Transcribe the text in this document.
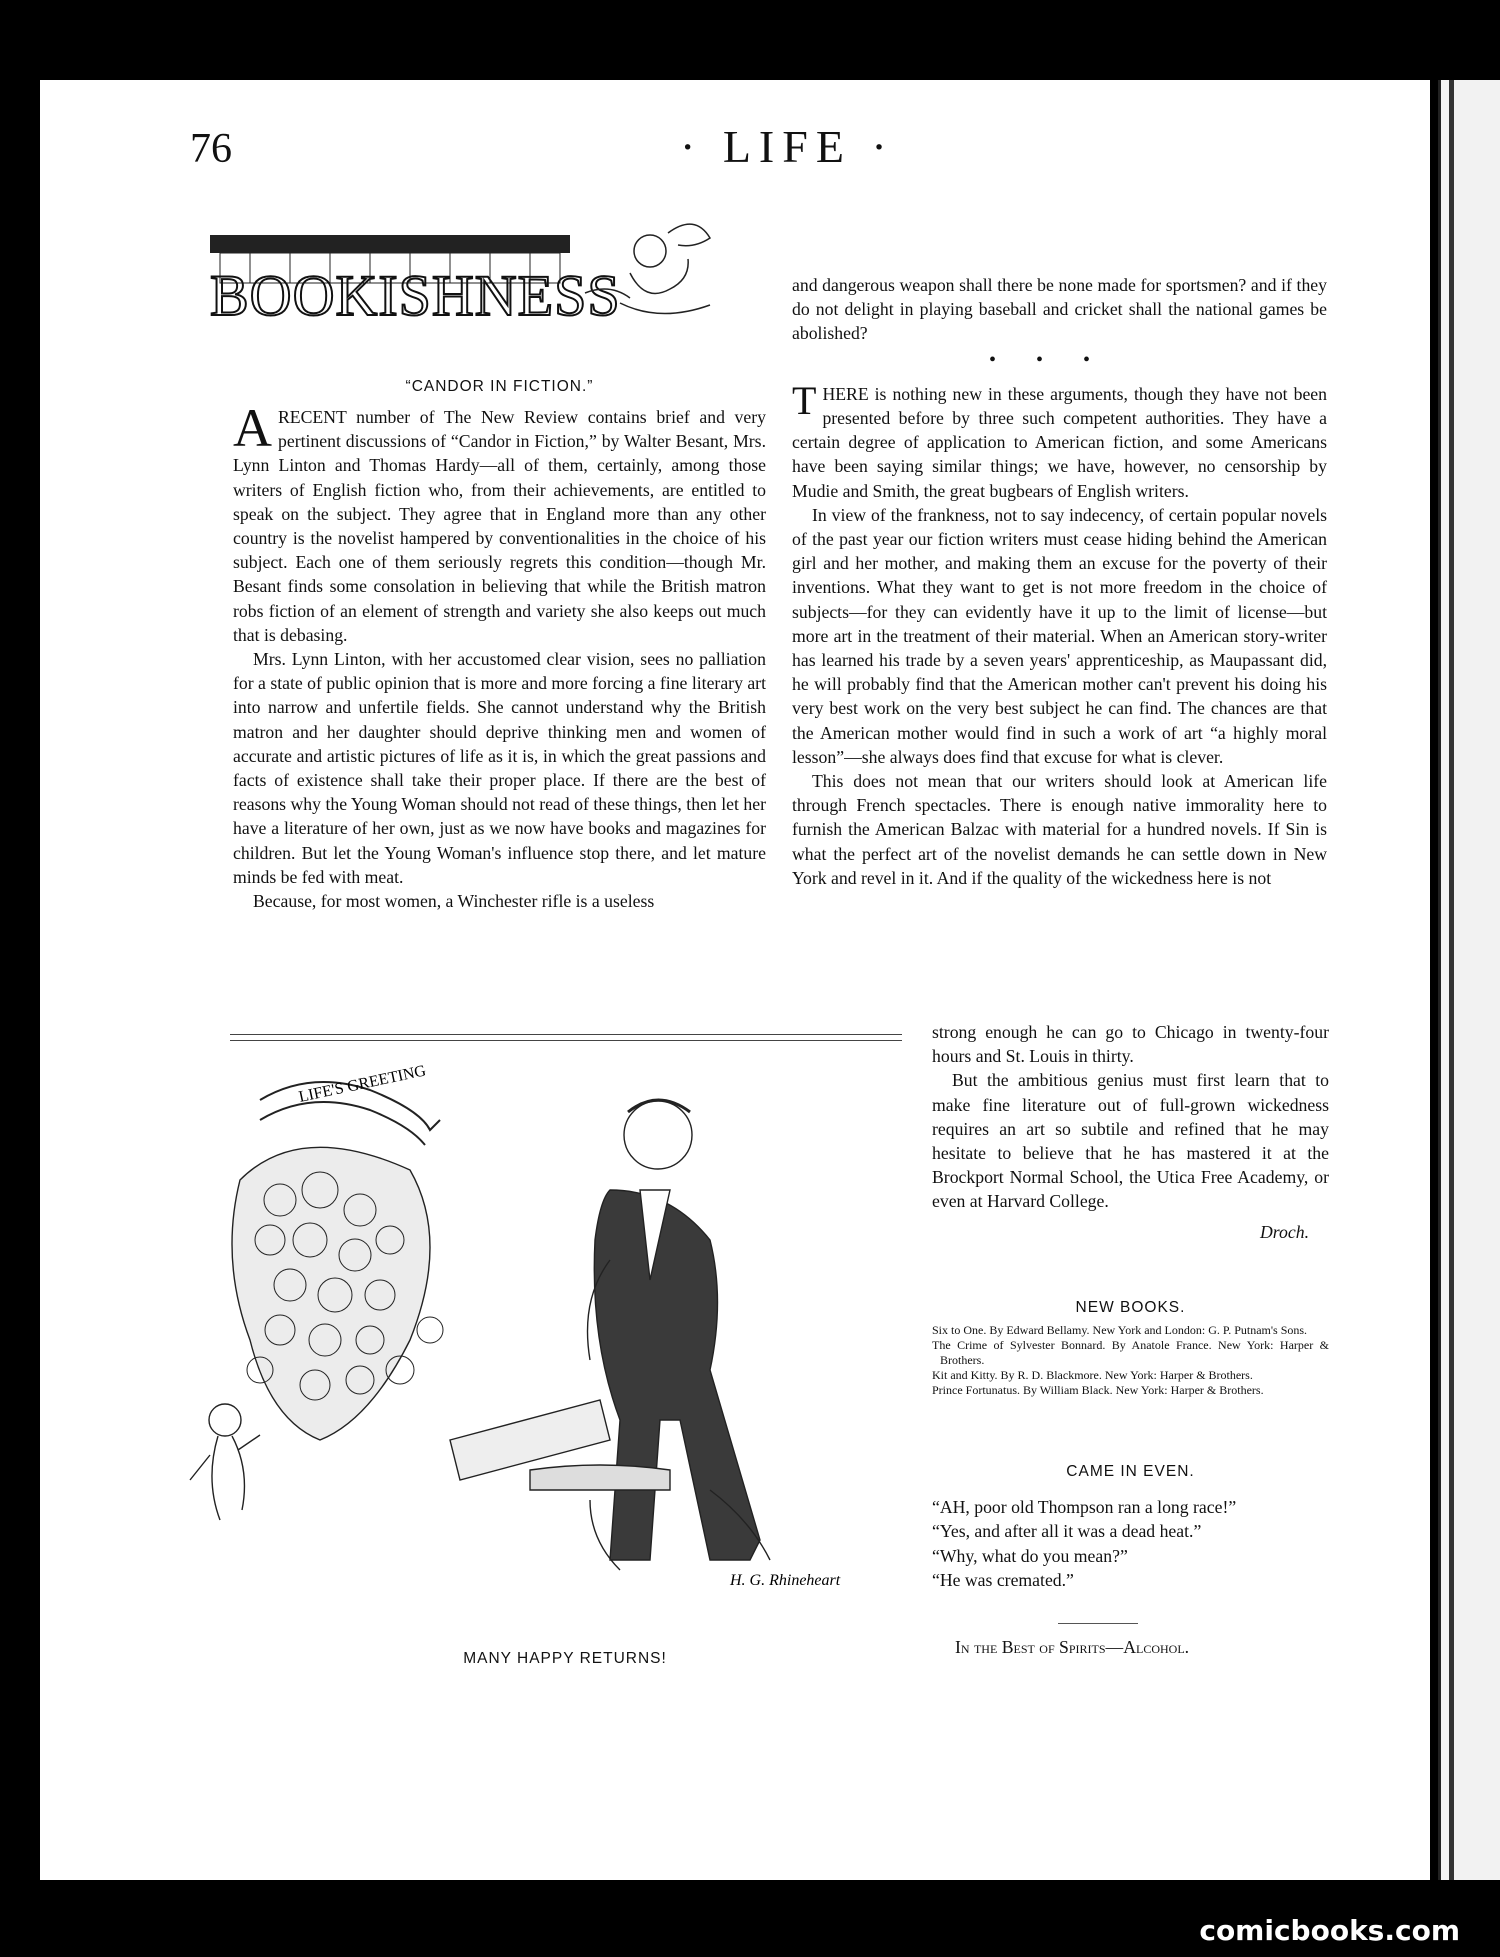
76	· LIFE ·
BOOKISHNESS
“CANDOR IN FICTION.”

A RECENT number of The New Review contains brief and very pertinent discussions of “Candor in Fiction,” by Walter Besant, Mrs. Lynn Linton and Thomas Hardy—all of them, certainly, among those writers of English fiction who, from their achievements, are entitled to speak on the subject. They agree that in England more than any other country is the novelist hampered by conventionalities in the choice of his subject. Each one of them seriously regrets this condition—though Mr. Besant finds some consolation in believing that while the British matron robs fiction of an element of strength and variety she also keeps out much that is debasing.

Mrs. Lynn Linton, with her accustomed clear vision, sees no palliation for a state of public opinion that is more and more forcing a fine literary art into narrow and unfertile fields. She cannot understand why the British matron and her daughter should deprive thinking men and women of accurate and artistic pictures of life as it is, in which the great passions and facts of existence shall take their proper place. If there are the best of reasons why the Young Woman should not read of these things, then let her have a literature of her own, just as we now have books and magazines for children. But let the Young Woman's influence stop there, and let mature minds be fed with meat.

Because, for most women, a Winchester rifle is a useless

and dangerous weapon shall there be none made for sportsmen? and if they do not delight in playing baseball and cricket shall the national games be abolished?

•••

THERE is nothing new in these arguments, though they have not been presented before by three such competent authorities. They have a certain degree of application to American fiction, and some Americans have been saying similar things; we have, however, no censorship by Mudie and Smith, the great bugbears of English writers.

In view of the frankness, not to say indecency, of certain popular novels of the past year our fiction writers must cease hiding behind the American girl and her mother, and making them an excuse for the poverty of their inventions. What they want to get is not more freedom in the choice of subjects—for they can evidently have it up to the limit of license—but more art in the treatment of their material. When an American story-writer has learned his trade by a seven years' apprenticeship, as Maupassant did, he will probably find that the American mother can't prevent his doing his very best work on the very best subject he can find. The chances are that the American mother would find in such a work of art “a highly moral lesson”—she always does find that excuse for what is clever.

This does not mean that our writers should look at American life through French spectacles. There is enough native immorality here to furnish the American Balzac with material for a hundred novels. If Sin is what the perfect art of the novelist demands he can settle down in New York and revel in it. And if the quality of the wickedness here is not

strong enough he can go to Chicago in twenty-four hours and St. Louis in thirty.

But the ambitious genius must first learn that to make fine literature out of full-grown wickedness requires an art so subtile and refined that he may hesitate to believe that he has mastered it at the Brockport Normal School, the Utica Free Academy, or even at Harvard College.

Droch.
NEW BOOKS.
Six to One. By Edward Bellamy. New York and London: G. P. Putnam's Sons.
The Crime of Sylvester Bonnard. By Anatole France. New York: Harper & Brothers.
Kit and Kitty. By R. D. Blackmore. New York: Harper & Brothers.
Prince Fortunatus. By William Black. New York: Harper & Brothers.
CAME IN EVEN.
“AH, poor old Thompson ran a long race!”
“Yes, and after all it was a dead heat.”
“Why, what do you mean?”
“He was cremated.”
In the Best of Spirits—Alcohol.
LIFE'S GREETING
H. G. Rhineheart
MANY HAPPY RETURNS!
comicbooks.com
